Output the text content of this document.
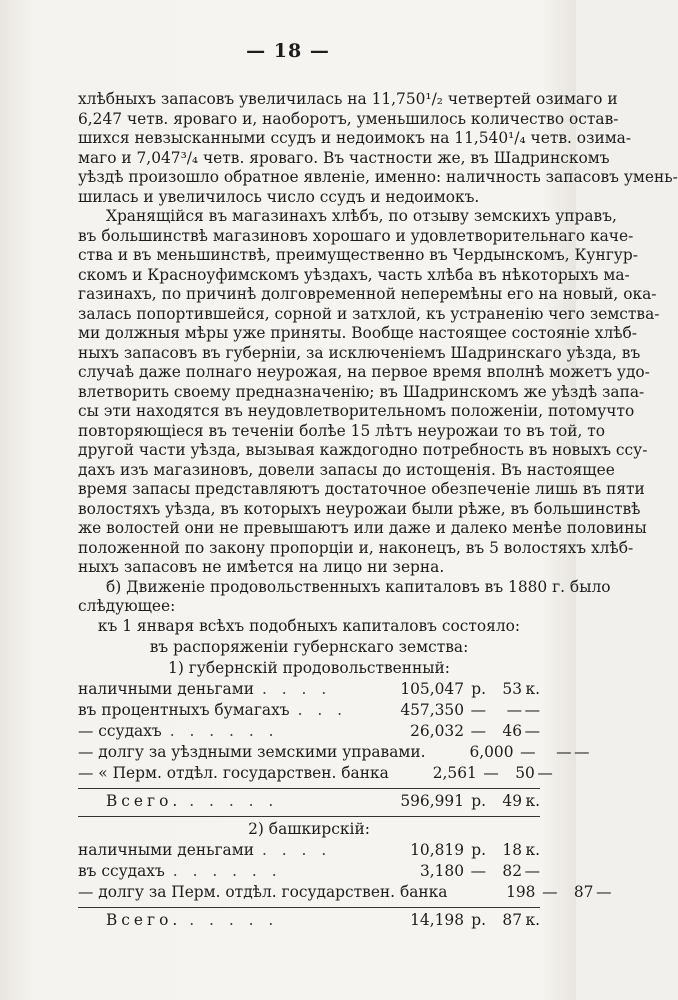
— 18 —
хлѣбныхъ запасовъ увеличилась на 11,750¹/₂ четвертей озимаго и
6,247 четв. яроваго и, наоборотъ, уменьшилось количество остав-
шихся невзысканными ссудъ и недоимокъ на 11,540¹/₄ четв. озима-
маго и 7,047³/₄ четв. яроваго. Въ частности же, въ Шадринскомъ
уѣздѣ произошло обратное явленіе, именно: наличность запасовъ умень-
шилась и увеличилось число ссудъ и недоимокъ.
Хранящійся въ магазинахъ хлѣбъ, по отзыву земскихъ управъ,
въ большинствѣ магазиновъ хорошаго и удовлетворительнаго каче-
ства и въ меньшинствѣ, преимущественно въ Чердынскомъ, Кунгур-
скомъ и Красноуфимскомъ уѣздахъ, часть хлѣба въ нѣкоторыхъ ма-
газинахъ, по причинѣ долговременной неперемѣны его на новый, ока-
залась попортившейся, сорной и затхлой, къ устраненію чего земства-
ми должныя мѣры уже приняты. Вообще настоящее состояніе хлѣб-
ныхъ запасовъ въ губерніи, за исключеніемъ Шадринскаго уѣзда, въ
случаѣ даже полнаго неурожая, на первое время вполнѣ можетъ удо-
влетворить своему предназначенію; въ Шадринскомъ же уѣздѣ запа-
сы эти находятся въ неудовлетворительномъ положеніи, потомучто
повторяющіеся въ теченіи болѣе 15 лѣтъ неурожаи то въ той, то
другой части уѣзда, вызывая каждогодно потребность въ новыхъ ссу-
дахъ изъ магазиновъ, довели запасы до истощенія. Въ настоящее
время запасы представляютъ достаточное обезпеченіе лишь въ пяти
волостяхъ уѣзда, въ которыхъ неурожаи были рѣже, въ большинствѣ
же волостей они не превышаютъ или даже и далеко менѣе половины
положенной по закону пропорціи и, наконецъ, въ 5 волостяхъ хлѣб-
ныхъ запасовъ не имѣется на лицо ни зерна.
б) Движеніе продовольственныхъ капиталовъ въ 1880 г. было
слѣдующее:
къ 1 января всѣхъ подобныхъ капиталовъ состояло:
въ распоряженіи губернскаго земства:
1) губернскій продовольственный:
наличными деньгами . . . .	105,047 р.	53 к.
въ процентныхъ бумагахъ . . .	457,350 —	— —
— ссудахъ . . . . . .	26,032 —	46 —
— долгу за уѣздными земскими управами.	6,000 —	— —
— « Перм. отдѣл. государствен. банка	2,561 —	50 —
Всего. . . . . .	596,991 р.	49 к.
2) башкирскій:
наличными деньгами . . . .	10,819 р.	18 к.
въ ссудахъ . . . . . .	3,180 —	82 —
— долгу за Перм. отдѣл. государствен. банка	198 —	87 —
Всего. . . . . .	14,198 р.	87 к.
